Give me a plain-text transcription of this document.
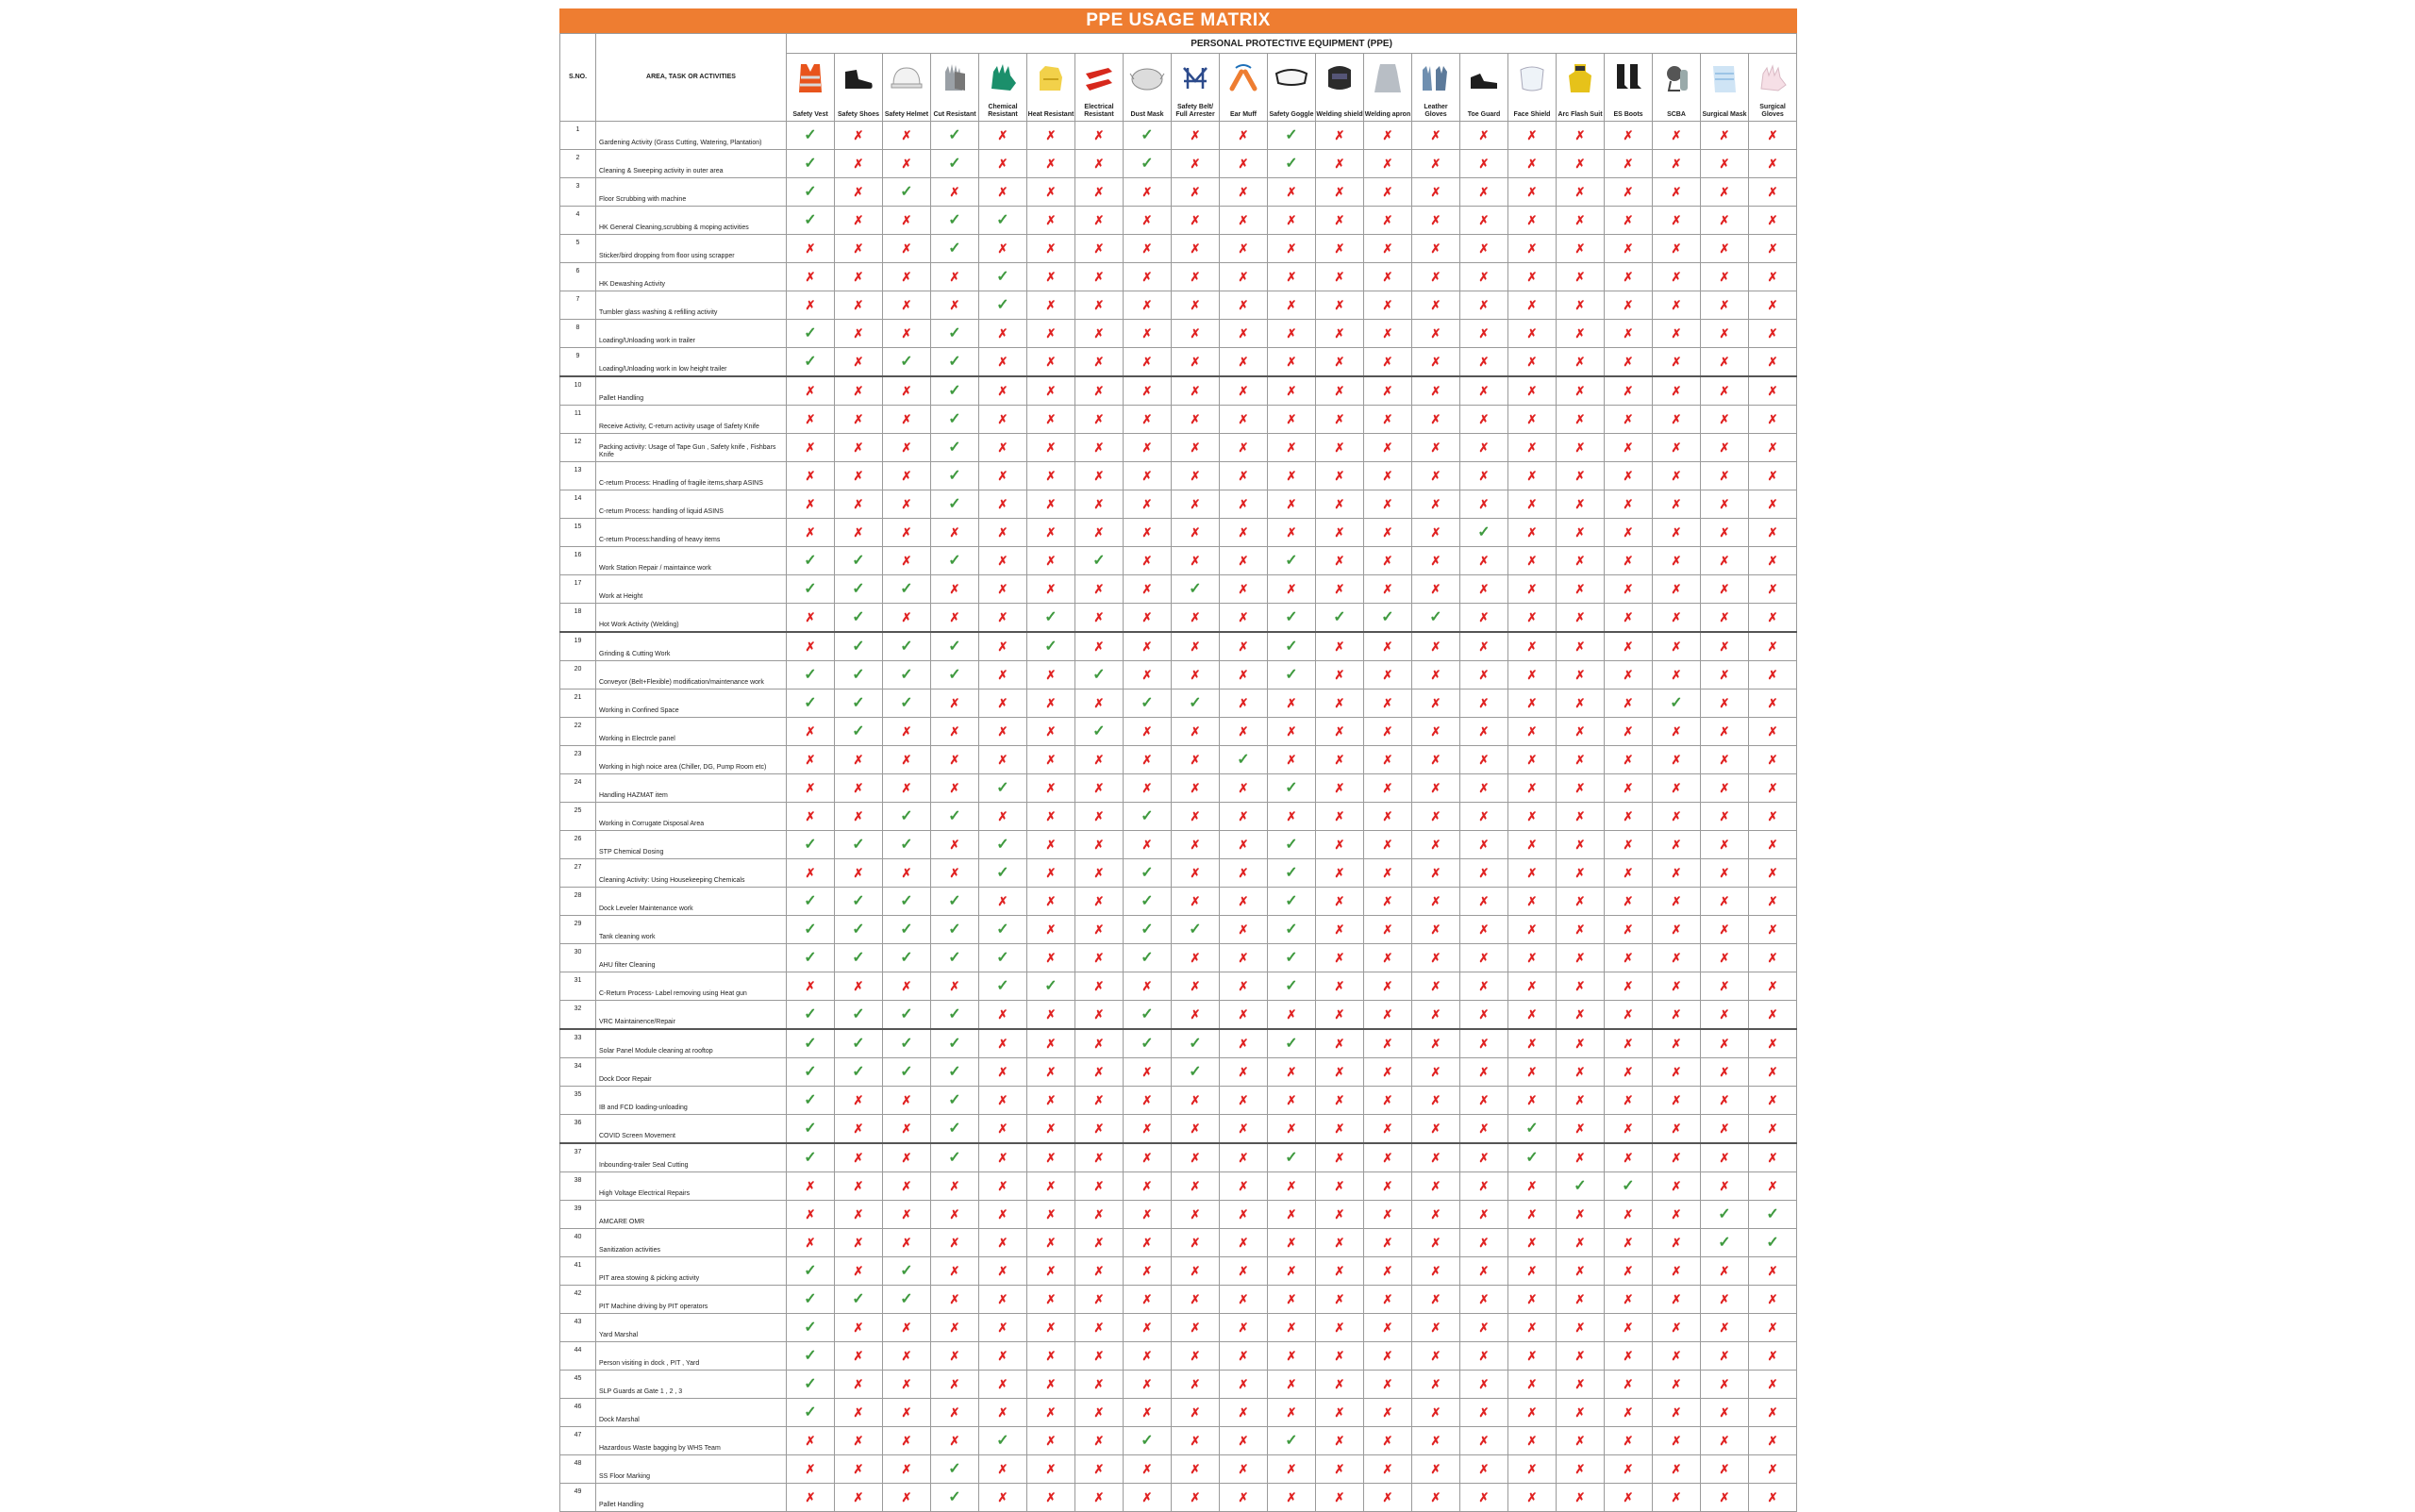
PPE USAGE MATRIX
S.NO.	AREA, TASK OR ACTIVITIES	PERSONAL PROTECTIVE EQUIPMENT (PPE)																				

Safety Vest	Safety Shoes	Safety Helmet	Cut Resistant	Chemical Resistant	Heat Resistant	Electrical Resistant	Dust Mask	Safety Belt/ Full Arrester	Ear Muff	Safety Goggle	Welding shield	Welding apron	Leather Gloves	Toe Guard	Face Shield	Arc Flash Suit	ES Boots	SCBA	Surgical Mask	Surgical Gloves

1	Gardening Activity (Grass Cutting, Watering, Plantation)	✓	✗	✗	✓	✗	✗	✗	✓	✗	✗	✓	✗	✗	✗	✗	✗	✗	✗	✗	✗	✗
2	Cleaning & Sweeping activity in outer area	✓	✗	✗	✓	✗	✗	✗	✓	✗	✗	✓	✗	✗	✗	✗	✗	✗	✗	✗	✗	✗
3	Floor Scrubbing with machine	✓	✗	✓	✗	✗	✗	✗	✗	✗	✗	✗	✗	✗	✗	✗	✗	✗	✗	✗	✗	✗
4	HK General Cleaning,scrubbing & moping activities	✓	✗	✗	✓	✓	✗	✗	✗	✗	✗	✗	✗	✗	✗	✗	✗	✗	✗	✗	✗	✗
5	Sticker/bird dropping from floor using scrapper	✗	✗	✗	✓	✗	✗	✗	✗	✗	✗	✗	✗	✗	✗	✗	✗	✗	✗	✗	✗	✗
6	HK Dewashing Activity	✗	✗	✗	✗	✓	✗	✗	✗	✗	✗	✗	✗	✗	✗	✗	✗	✗	✗	✗	✗	✗
7	Tumbler glass washing & refilling activity	✗	✗	✗	✗	✓	✗	✗	✗	✗	✗	✗	✗	✗	✗	✗	✗	✗	✗	✗	✗	✗
8	Loading/Unloading work in trailer	✓	✗	✗	✓	✗	✗	✗	✗	✗	✗	✗	✗	✗	✗	✗	✗	✗	✗	✗	✗	✗
9	Loading/Unloading work in low height trailer	✓	✗	✓	✓	✗	✗	✗	✗	✗	✗	✗	✗	✗	✗	✗	✗	✗	✗	✗	✗	✗
10	Pallet Handling	✗	✗	✗	✓	✗	✗	✗	✗	✗	✗	✗	✗	✗	✗	✗	✗	✗	✗	✗	✗	✗
11	Receive Activity, C-return activity usage of Safety Knife	✗	✗	✗	✓	✗	✗	✗	✗	✗	✗	✗	✗	✗	✗	✗	✗	✗	✗	✗	✗	✗
12	Packing activity: Usage of Tape Gun , Safety knife , Fishbars Knife	✗	✗	✗	✓	✗	✗	✗	✗	✗	✗	✗	✗	✗	✗	✗	✗	✗	✗	✗	✗	✗
13	C-return Process: Hnadling of fragile items,sharp ASINS	✗	✗	✗	✓	✗	✗	✗	✗	✗	✗	✗	✗	✗	✗	✗	✗	✗	✗	✗	✗	✗
14	C-return Process: handling of liquid ASINS	✗	✗	✗	✓	✗	✗	✗	✗	✗	✗	✗	✗	✗	✗	✗	✗	✗	✗	✗	✗	✗
15	C-return Process:handling of heavy items	✗	✗	✗	✗	✗	✗	✗	✗	✗	✗	✗	✗	✗	✗	✓	✗	✗	✗	✗	✗	✗
16	Work Station Repair / maintaince work	✓	✓	✗	✓	✗	✗	✓	✗	✗	✗	✓	✗	✗	✗	✗	✗	✗	✗	✗	✗	✗
17	Work at Height	✓	✓	✓	✗	✗	✗	✗	✗	✓	✗	✗	✗	✗	✗	✗	✗	✗	✗	✗	✗	✗
18	Hot Work Activity (Welding)	✗	✓	✗	✗	✗	✓	✗	✗	✗	✗	✓	✓	✓	✓	✗	✗	✗	✗	✗	✗	✗
19	Grinding & Cutting Work	✗	✓	✓	✓	✗	✓	✗	✗	✗	✗	✓	✗	✗	✗	✗	✗	✗	✗	✗	✗	✗
20	Conveyor (Belt+Flexible) modification/maintenance work	✓	✓	✓	✓	✗	✗	✓	✗	✗	✗	✓	✗	✗	✗	✗	✗	✗	✗	✗	✗	✗
21	Working in Confined Space	✓	✓	✓	✗	✗	✗	✗	✓	✓	✗	✗	✗	✗	✗	✗	✗	✗	✗	✓	✗	✗
22	Working in Electrcle panel	✗	✓	✗	✗	✗	✗	✓	✗	✗	✗	✗	✗	✗	✗	✗	✗	✗	✗	✗	✗	✗
23	Working in high noice area (Chiller, DG, Pump Room etc)	✗	✗	✗	✗	✗	✗	✗	✗	✗	✓	✗	✗	✗	✗	✗	✗	✗	✗	✗	✗	✗
24	Handling HAZMAT item	✗	✗	✗	✗	✓	✗	✗	✗	✗	✗	✓	✗	✗	✗	✗	✗	✗	✗	✗	✗	✗
25	Working in Corrugate Disposal Area	✗	✗	✓	✓	✗	✗	✗	✓	✗	✗	✗	✗	✗	✗	✗	✗	✗	✗	✗	✗	✗
26	STP Chemical Dosing	✓	✓	✓	✗	✓	✗	✗	✗	✗	✗	✓	✗	✗	✗	✗	✗	✗	✗	✗	✗	✗
27	Cleaning Activity: Using Housekeeping Chemicals	✗	✗	✗	✗	✓	✗	✗	✓	✗	✗	✓	✗	✗	✗	✗	✗	✗	✗	✗	✗	✗
28	Dock Leveler Maintenance work	✓	✓	✓	✓	✗	✗	✗	✓	✗	✗	✓	✗	✗	✗	✗	✗	✗	✗	✗	✗	✗
29	Tank cleaning work	✓	✓	✓	✓	✓	✗	✗	✓	✓	✗	✓	✗	✗	✗	✗	✗	✗	✗	✗	✗	✗
30	AHU filter Cleaning	✓	✓	✓	✓	✓	✗	✗	✓	✗	✗	✓	✗	✗	✗	✗	✗	✗	✗	✗	✗	✗
31	C-Return Process- Label removing using Heat gun	✗	✗	✗	✗	✓	✓	✗	✗	✗	✗	✓	✗	✗	✗	✗	✗	✗	✗	✗	✗	✗
32	VRC Maintainence/Repair	✓	✓	✓	✓	✗	✗	✗	✓	✗	✗	✗	✗	✗	✗	✗	✗	✗	✗	✗	✗	✗
33	Solar Panel Module cleaning at rooftop	✓	✓	✓	✓	✗	✗	✗	✓	✓	✗	✓	✗	✗	✗	✗	✗	✗	✗	✗	✗	✗
34	Dock Door Repair	✓	✓	✓	✓	✗	✗	✗	✗	✓	✗	✗	✗	✗	✗	✗	✗	✗	✗	✗	✗	✗
35	IB and FCD loading-unloading	✓	✗	✗	✓	✗	✗	✗	✗	✗	✗	✗	✗	✗	✗	✗	✗	✗	✗	✗	✗	✗
36	COVID Screen Movement	✓	✗	✗	✓	✗	✗	✗	✗	✗	✗	✗	✗	✗	✗	✗	✓	✗	✗	✗	✗	✗
37	Inbounding-trailer Seal Cutting	✓	✗	✗	✓	✗	✗	✗	✗	✗	✗	✓	✗	✗	✗	✗	✓	✗	✗	✗	✗	✗
38	High Voltage Electrical Repairs	✗	✗	✗	✗	✗	✗	✗	✗	✗	✗	✗	✗	✗	✗	✗	✗	✓	✓	✗	✗	✗
39	AMCARE OMR	✗	✗	✗	✗	✗	✗	✗	✗	✗	✗	✗	✗	✗	✗	✗	✗	✗	✗	✗	✓	✓
40	Sanitization activities	✗	✗	✗	✗	✗	✗	✗	✗	✗	✗	✗	✗	✗	✗	✗	✗	✗	✗	✗	✓	✓
41	PIT area stowing & picking activity	✓	✗	✓	✗	✗	✗	✗	✗	✗	✗	✗	✗	✗	✗	✗	✗	✗	✗	✗	✗	✗
42	PIT Machine driving by PIT operators	✓	✓	✓	✗	✗	✗	✗	✗	✗	✗	✗	✗	✗	✗	✗	✗	✗	✗	✗	✗	✗
43	Yard Marshal	✓	✗	✗	✗	✗	✗	✗	✗	✗	✗	✗	✗	✗	✗	✗	✗	✗	✗	✗	✗	✗
44	Person visiting in dock , PIT , Yard	✓	✗	✗	✗	✗	✗	✗	✗	✗	✗	✗	✗	✗	✗	✗	✗	✗	✗	✗	✗	✗
45	SLP Guards at Gate 1 , 2 , 3	✓	✗	✗	✗	✗	✗	✗	✗	✗	✗	✗	✗	✗	✗	✗	✗	✗	✗	✗	✗	✗
46	Dock Marshal	✓	✗	✗	✗	✗	✗	✗	✗	✗	✗	✗	✗	✗	✗	✗	✗	✗	✗	✗	✗	✗
47	Hazardous Waste bagging by WHS Team	✗	✗	✗	✗	✓	✗	✗	✓	✗	✗	✓	✗	✗	✗	✗	✗	✗	✗	✗	✗	✗
48	SS Floor Marking	✗	✗	✗	✓	✗	✗	✗	✗	✗	✗	✗	✗	✗	✗	✗	✗	✗	✗	✗	✗	✗
49	Pallet Handling	✗	✗	✗	✓	✗	✗	✗	✗	✗	✗	✗	✗	✗	✗	✗	✗	✗	✗	✗	✗	✗
